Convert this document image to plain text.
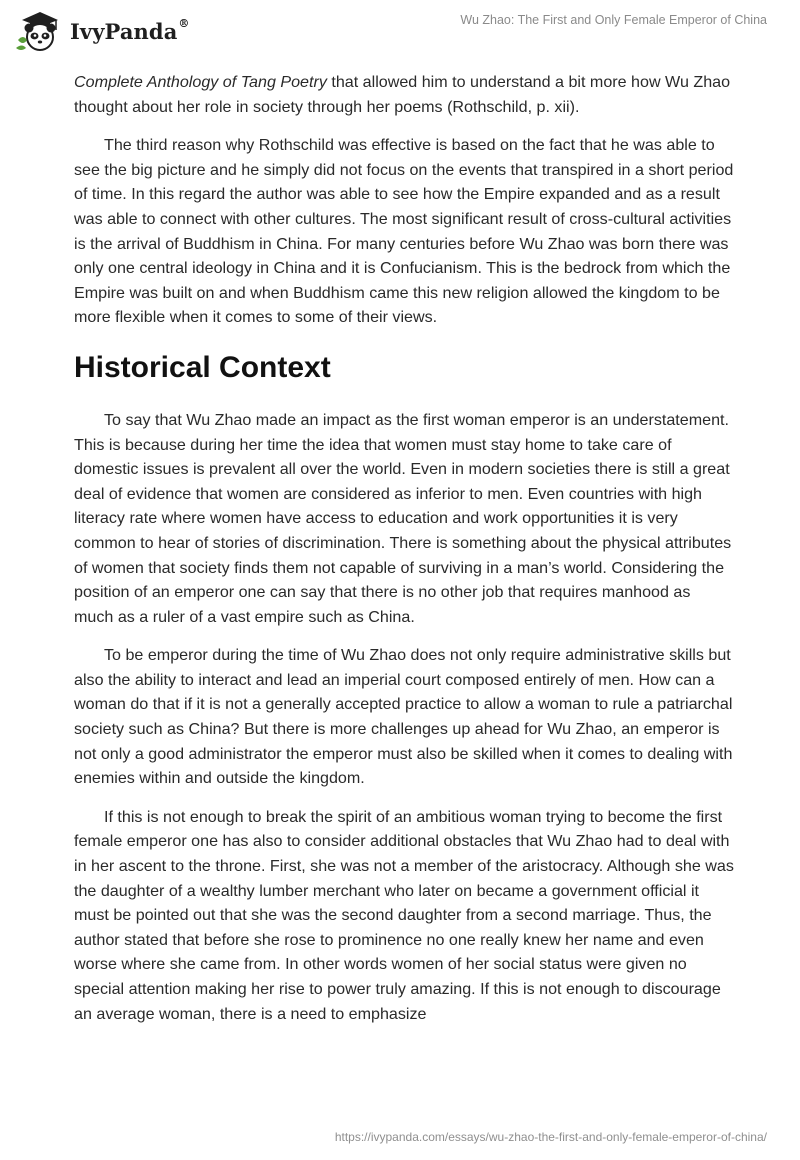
IvyPanda®	Wu Zhao: The First and Only Female Emperor of China

Complete Anthology of Tang Poetry that allowed him to understand a bit more how Wu Zhao thought about her role in society through her poems (Rothschild, p. xii).

The third reason why Rothschild was effective is based on the fact that he was able to see the big picture and he simply did not focus on the events that transpired in a short period of time. In this regard the author was able to see how the Empire expanded and as a result was able to connect with other cultures. The most significant result of cross-cultural activities is the arrival of Buddhism in China. For many centuries before Wu Zhao was born there was only one central ideology in China and it is Confucianism. This is the bedrock from which the Empire was built on and when Buddhism came this new religion allowed the kingdom to be more flexible when it comes to some of their views.

Historical Context

To say that Wu Zhao made an impact as the first woman emperor is an understatement. This is because during her time the idea that women must stay home to take care of domestic issues is prevalent all over the world. Even in modern societies there is still a great deal of evidence that women are considered as inferior to men. Even countries with high literacy rate where women have access to education and work opportunities it is very common to hear of stories of discrimination. There is something about the physical attributes of women that society finds them not capable of surviving in a man’s world. Considering the position of an emperor one can say that there is no other job that requires manhood as much as a ruler of a vast empire such as China.

To be emperor during the time of Wu Zhao does not only require administrative skills but also the ability to interact and lead an imperial court composed entirely of men. How can a woman do that if it is not a generally accepted practice to allow a woman to rule a patriarchal society such as China? But there is more challenges up ahead for Wu Zhao, an emperor is not only a good administrator the emperor must also be skilled when it comes to dealing with enemies within and outside the kingdom.

If this is not enough to break the spirit of an ambitious woman trying to become the first female emperor one has also to consider additional obstacles that Wu Zhao had to deal with in her ascent to the throne. First, she was not a member of the aristocracy. Although she was the daughter of a wealthy lumber merchant who later on became a government official it must be pointed out that she was the second daughter from a second marriage. Thus, the author stated that before she rose to prominence no one really knew her name and even worse where she came from. In other words women of her social status were given no special attention making her rise to power truly amazing. If this is not enough to discourage an average woman, there is a need to emphasize

https://ivypanda.com/essays/wu-zhao-the-first-and-only-female-emperor-of-china/
